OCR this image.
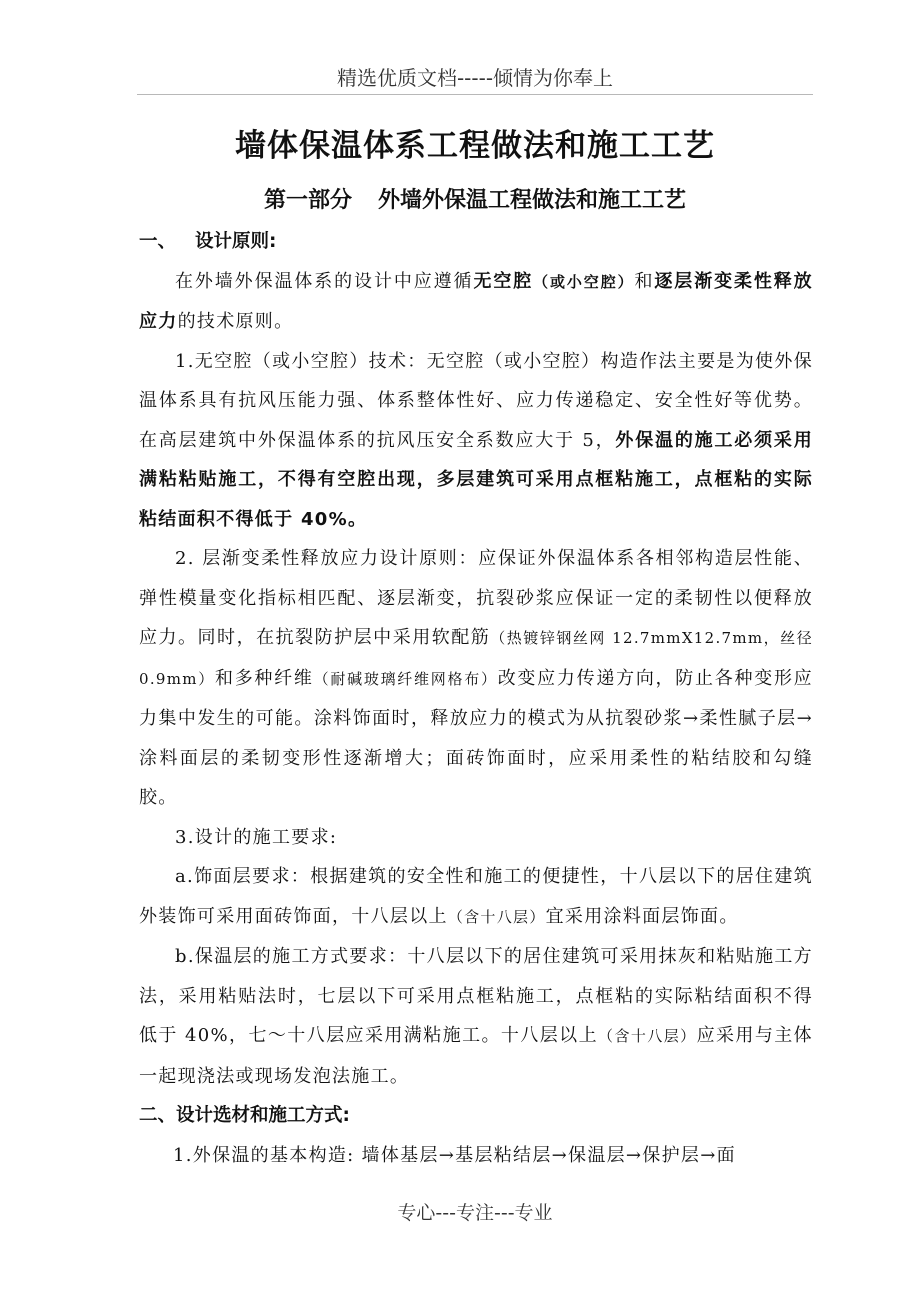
精选优质文档-----倾情为你奉上
墙体保温体系工程做法和施工工艺
第一部分 外墙外保温工程做法和施工工艺
一、 设计原则:

在外墙外保温体系的设计中应遵循无空腔（或小空腔）和逐层渐变柔性释放应力的技术原则。

1.无空腔（或小空腔）技术：无空腔（或小空腔）构造作法主要是为使外保温体系具有抗风压能力强、体系整体性好、应力传递稳定、安全性好等优势。在高层建筑中外保温体系的抗风压安全系数应大于 5，外保温的施工必须采用满粘粘贴施工，不得有空腔出现，多层建筑可采用点框粘施工，点框粘的实际粘结面积不得低于 40%。

2. 层渐变柔性释放应力设计原则：应保证外保温体系各相邻构造层性能、弹性模量变化指标相匹配、逐层渐变，抗裂砂浆应保证一定的柔韧性以便释放应力。同时，在抗裂防护层中采用软配筋（热镀锌钢丝网 12.7mmX12.7mm，丝径 0.9mm）和多种纤维（耐碱玻璃纤维网格布）改变应力传递方向，防止各种变形应力集中发生的可能。涂料饰面时，释放应力的模式为从抗裂砂浆→柔性腻子层→涂料面层的柔韧变形性逐渐增大；面砖饰面时，应采用柔性的粘结胶和勾缝胶。

3.设计的施工要求:

a.饰面层要求：根据建筑的安全性和施工的便捷性，十八层以下的居住建筑外装饰可采用面砖饰面，十八层以上（含十八层）宜采用涂料面层饰面。

b.保温层的施工方式要求：十八层以下的居住建筑可采用抹灰和粘贴施工方法，采用粘贴法时，七层以下可采用点框粘施工，点框粘的实际粘结面积不得低于 40%，七～十八层应采用满粘施工。十八层以上（含十八层）应采用与主体一起现浇法或现场发泡法施工。

二、设计选材和施工方式:

1.外保温的基本构造: 墙体基层→基层粘结层→保温层→保护层→面

专心---专注---专业
